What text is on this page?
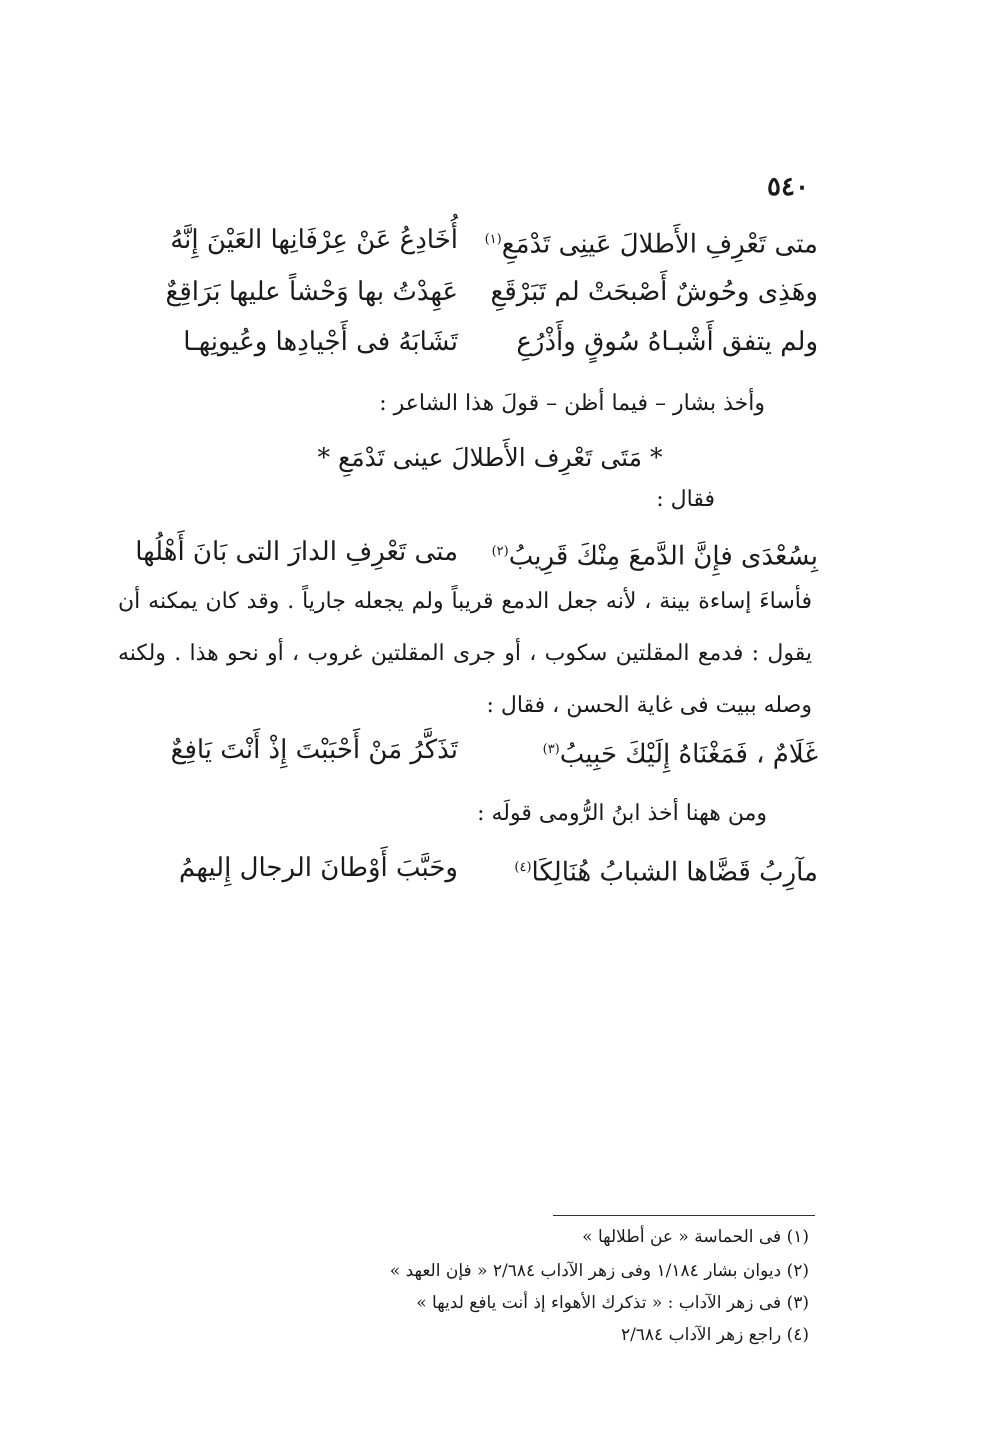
٥٤٠
متى تَعْرِفِ الأَطلالَ عَينِى تَدْمَعِ$^{(١)}$
أُخَادِعُ عَنْ عِرْفَانِها العَيْنَ إِنَّهُ
وهَذِى وحُوشٌ أَصْبحَتْ لم تَبَرْقَعِ
عَهِدْتُ بها وَحْشاً عليها بَرَاقِعٌ
ولم يتفق أَشْبـاهُ سُوقٍ وأَذْرُعِ
تَشَابَهُ فى أَجْيادِها وعُيونِهـا
وأخذ بشار – فيما أظن – قولَ هذا الشاعر :
* مَتَى تَعْرِف الأَطلالَ عينى تَدْمَعِ *
فقال :
بِسُعْدَى فإِنَّ الدَّمعَ مِنْكَ قَرِيبُ$^{(٢)}$
متى تَعْرِفِ الدارَ التى بَانَ أَهْلُها
فأساءَ إساءة بينة ، لأنه جعل الدمع قريباً ولم يجعله جارياً . وقد كان يمكنه أن يقول : فدمع المقلتين سكوب ، أو جرى المقلتين غروب ، أو نحو هذا . ولكنه وصله ببيت فى غاية الحسن ، فقال :
غَلَامٌ ، فَمَغْنَاهُ إِلَيْكَ حَبِيبُ$^{(٣)}$
تَذَكَّرُ مَنْ أَحْبَبْتَ إِذْ أَنْتَ يَافِعٌ
ومن ههنا أخذ ابنُ الرُّومى قولَه :
مآرِبُ قَضَّاها الشبابُ هُنَالِكَا$^{(٤)}$
وحَبَّبَ أَوْطانَ الرجال إِليهمُ
(١) فى الحماسة « عن أطلالها »
(٢) ديوان بشار ١/١٨٤ وفى زهر الآداب ٢/٦٨٤ « فإن العهد »
(٣) فى زهر الآداب : « تذكرك الأهواء إذ أنت يافع لديها »
(٤) راجع زهر الآداب ٢/٦٨٤
